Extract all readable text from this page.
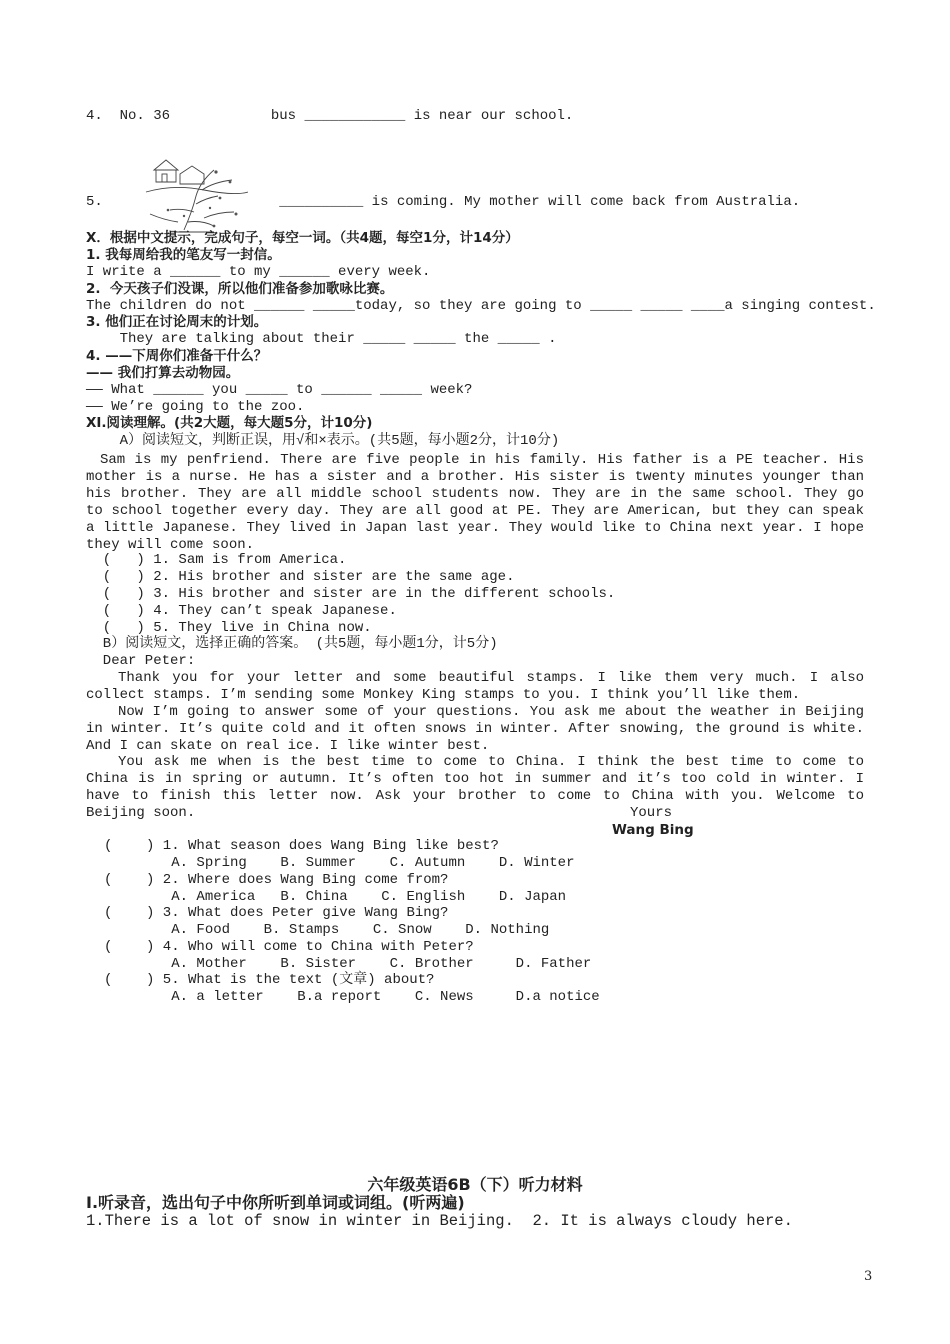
4. No. 36	bus ____________ is near our school.
5.	__________ is coming. My mother will come back from Australia.
X．根据中文提示，完成句子，每空一词。（共4题，每空1分，计14分）
1. 我每周给我的笔友写一封信。
I write a ______ to my ______ every week.
2.  今天孩子们没课，所以他们准备参加歌咏比赛。
The children do not ______ _____today, so they are going to _____ _____ ____a singing contest.
3. 他们正在讨论周末的计划。
They are talking about their _____ _____ the _____ .
4. ——下周你们准备干什么？
—— 我们打算去动物园。
—— What ______ you _____ to ______ _____ week?
—— We’re going to the zoo.
XI.阅读理解。(共2大题，每大题5分，计10分)
A）阅读短文，判断正误，用√和×表示。(共5题，每小题2分，计10分)
Sam is my penfriend. There are five people in his family. His father is a PE teacher. His mother is a nurse. He has a sister and a brother. His sister is twenty minutes younger than his brother. They are all middle school students now. They are in the same school. They go to school together every day. They are all good at PE. They are American, but they can speak a little Japanese. They lived in Japan last year. They would like to China next year. I hope they will come soon.
(   ) 1. Sam is from America.
(   ) 2. His brother and sister are the same age.
(   ) 3. His brother and sister are in the different schools.
(   ) 4. They can’t speak Japanese.
(   ) 5. They live in China now.
B）阅读短文，选择正确的答案。 (共5题，每小题1分，计5分)
Dear Peter:
Thank you for your letter and some beautiful stamps. I like them very much. I also collect stamps. I’m sending some Monkey King stamps to you. I think you’ll like them.
Now I’m going to answer some of your questions. You ask me about the weather in Beijing in winter. It’s quite cold and it often snows in winter. After snowing, the ground is white. And I can skate on real ice. I like winter best.
You ask me when is the best time to come to China. I think the best time to come to China is in spring or autumn. It’s often too hot in summer and it’s too cold in winter. I have to finish this letter now. Ask your brother to come to China with you. Welcome to Beijing soon.	Yours
Wang Bing
(    ) 1. What season does Wang Bing like best?
A. Spring    B. Summer    C. Autumn    D. Winter
(    ) 2. Where does Wang Bing come from?
A. America   B. China    C. English    D. Japan
(    ) 3. What does Peter give Wang Bing?
A. Food    B. Stamps    C. Snow    D. Nothing
(    ) 4. Who will come to China with Peter?
A. Mother    B. Sister    C. Brother     D. Father
(    ) 5. What is the text (文章) about?
A. a letter    B.a report    C. News     D.a notice
六年级英语6B（下）听力材料
Ⅰ.听录音，选出句子中你所听到单词或词组。(听两遍)
1.There is a lot of snow in winter in Beijing.  2. It is always cloudy here.
3
